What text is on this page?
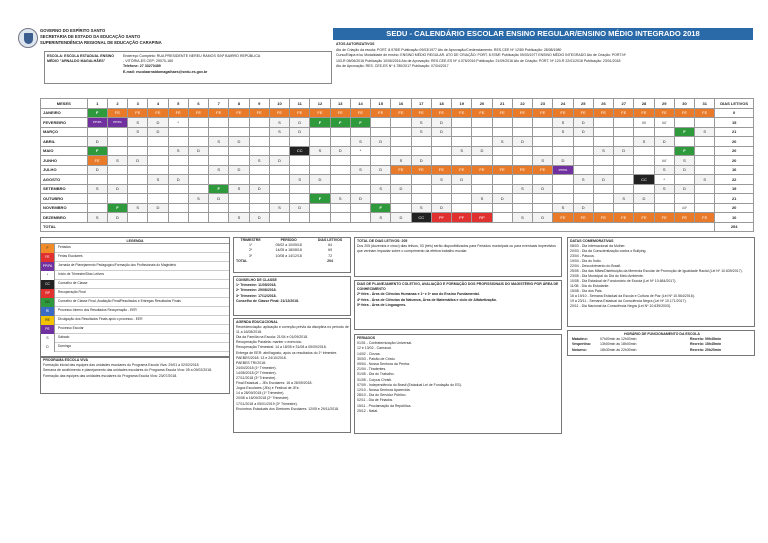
GOVERNO DO ESPÍRITO SANTO
SECRETARIA DE ESTADO DA EDUCAÇÃO SANTO
SUPERINTENDÊNCIA REGIONAL DE EDUCAÇÃO CARAPINA
SEDU - CALENDÁRIO ESCOLAR ENSINO REGULAR/ENSINO MÉDIO INTEGRADO 2018
ATOS AUTORIZATIVOS
Ato de Criação da escola: PORT. 8.978/E Publicação 09/03/1977 Ato de Aprovação/Credenciamento: RES.CEE Nº 12/80 Publicação: 28/08/1980
Curso/Etapa e/ou Modalidade de ensino: ENSINO MÉDIO REGULAR. ATO DE CRIAÇÃO: PORT. 8.978/E Publicação 09/03/1977 ENSINO MÉDIO INTEGRADO Ato de Criação: PORT.Nº
103-R 08/06/2016 Publicação 10/06/2016 Ato de Aprovação: RES.CEE-ES Nº 4.076/2016 Publicação: 21/09/2016 Ato de Criação: PORT. Nº 120-R 22/01/2018 Publicação: 23/01/2018
Ato de Aprovação: RES. CEE-ES Nº 4.780/2017 Publicação: 07/04/2017
ESCOLA: ESCOLA ESTADUAL ENSINO MÉDIO "ARNALDO MAGALHÃES"
Endereço Completo: RUA PRESIDENTE NEREU RAMOS S/Nº BAIRRO REPÚBLICA
- VITÓRIA-ES CEP: 29070-160
Telefone: 27 33270489
E-mail: escolaarnaldomagalhaes@sedu.es.gov.br
MESES	1	2	3	4	5	6	7	8	9	10	11	12	13	14	15	16	17	18	19	20	21	22	23	24	25	26	27	28	29	30	31	DIAS LETIVOS
JANEIRO	F	FE	FE	FE	FE	FE	FE	FE	FE	FE	FE	FE	FE	FE	FE	FE	FE	FE	FE	FE	FE	FE	FE	FE	FE	FE	FE	FE	FE	FE	FE	0
FEVEREIRO	PP/PA	PP/PA	S	D	*					S	D	F	F	F			S	D						S	D			////	////			15
MARÇO			S	D						S	D						S	D						S	D					F	S	21
ABRIL	D						S	D						S	D						S	D						S	D			20
MAIO	F				S	D					CC	S	D	*					S	D						S	D			F		20
JUNHO	FE	S	D						S	D						S	D						S	D					////	S		20
JULHO	D						S	D						S	D	FE	FE	FE	FE	FE	FE	FE	FE	PP/PA					S	D		16
AGOSTO				S	D						S	D						S	D						S	D		CC	*		S	22
SETEMBRO	S	D					F	S	D						S	D						S	D						S	D		19
OUTUBRO						S	D					F	S	D						S	D						S	D				21
NOVEMBRO		F	S	D						S	D				F		S	D						S	D					////		20
DEZEMBRO	S	D						S	D						S	D	CC	PF	PF	RP		S	D	FE	FE	FE	FE	FE	FE	FE	FE	10
TOTAL																																204
LEGENDA
F	Feriados
FE	Férias Escolares
PP/PA	Jornada de Planejamento Pedagógico/Formação dos Profissionais do Magistério
*	Início de Trimestre/Dias Letivos
CC	Conselho de Classe
RP	Recuperação Final
DD	Conselho de Classe Final, Avaliação Final/Resultados e Entregas Resultados Finais
RI	Processo Interno dos Resultados Recuperação - EER
RE	Divulgação dos Resultados Finais após o processo - EER
PE	Processo Escolar
S	Sábado
D	Domingo
PROGRAMA ESCOLA VIVA
Formação inicial das equipes das unidades escolares do Programa Escola Viva: 29/01 a 02/02/2018
Semana de acolhimento e planejamento das unidades escolares do Programa Escola Viva: 05 a 09/02/2018.
Formação das equipes das unidades escolares do Programa Escola Viva: 23/07/2018.
TRIMESTRE	PERÍODO	DIAS LETIVOS
1º	05/02 a 10/05/18	64
2º	14/05 a 18/08/18	69
3º	10/08 a 14/12/18	72
TOTAL		204
CONSELHO DE CLASSE
1º Trimestre: 11/05/2018.
2º Trimestre: 29/08/2018.
3º Trimestre: 17/12/2018.
Conselho de Classe Final: 21/12/2018.
AGENDA EDUCACIONAL
Recredenciação: aplicação e correção prévia da disciplina no período de 11 a 16/08/2018.
Dia da Família na Escola: 21/04 e 01/09/2018.
Recuperação Paralela: manter o exercício.
Recuperação Trimestral: 14 a 18/05 e 31/08 a 05/09/2018.
Entrega de EER: abril/agosto, após os resultados do 1º trimestre.
PAEBES/2018: 13 e 24/10/2018.
PAEBES TRI/2018:
24/04/2018 (1º Trimestre).
14/08/2018 (2º Trimestre).
27/11/2018 (3º Trimestre).
Final Estadual – JEs Escolares: 16 a 28/09/2018.
Jogos Escolares (JEs) e Festival de JEs:
14 a 28/09/2018 (1º Trimestre).
20/08 a 16/09/2018 (2º Trimestre).
17/11/2018 a 05/01/2019 (3º Trimestre).
Encontros Estaduais dos Diretores Escolares: 12/05 e 29/11/2018.
TOTAL DE DIAS LETIVOS: 205
Dos 205 (duzentos e cinco) dias letivos, 03 (três) serão disponibilizados para Feriados municipais ou para eventuais imprevistos que venham impactar sobre o cumprimento da efetiva trabalho escolar.
DIAS DE PLANEJAMENTO COLETIVO, AVALIAÇÃO E FORMAÇÃO DOS PROFISSIONAIS DO MAGISTÉRIO POR ÁREA DE CONHECIMENTO
2ª feira - Área de Ciências Humanas e 1º e 3º ano do Ensino Fundamental.
4ª feira - Área de Ciências da Natureza, Área de Matemática e ciclo de Alfabetização.
5ª feira - Área de Linguagens.
FERIADOS
01/01 - Confraternização Universal.
12 e 13/02 - Carnaval.
14/02 - Cinzas.
30/03 - Paixão de Cristo.
09/04 - Nossa Senhora da Penha.
21/04 - Tiradentes.
01/05 - Dia do Trabalho.
31/05 - Corpus Christi.
07/09 - Independência do Brasil (Estadual Lei de Fundação do ES).
12/10 - Nossa Senhora Aparecida.
28/10 - Dia do Servidor Público.
02/11 - Dia de Finados.
15/11 - Proclamação da República.
25/12 - Natal.
DATAS COMEMORATIVAS
08/03 - Dia Internacional da Mulher.
20/03 - Dia da Conscientização contra o Bullying.
23/04 - Páscoa.
19/04 - Dia do Índio.
22/04 - Descobrimento do Brasil.
25/05 - Dia das Mães/Distribuição da Merenda Escolar de Promoção de Igualdade Racial (Lei Nº 10.639/2017).
23/05 - Dia Municipal do Dia do Meio Ambiente.
10/08 - Dia Estadual de Funcionário de Escola (Lei Nº 10.684/2017).
11/08 - Dia do Estudante.
15/08 - Dia dos Pais.
16 a 19/10 - Semana Estadual da Escola e Cultura de Paz (Lei Nº 10.564/2016).
19 a 23/11 - Semana Estadual da Consciência Negra (Lei Nº 10.171/2017).
20/11 - Dia Nacional da Consciência Negra (Lei Nº 10.639/2003).
HORÁRIO DE FUNCIONAMENTO DA ESCOLA
Matutino:	07h00min às 12h00min	Recreio: 09h45min
Vespertino:	13h00min às 18h00min	Recreio: 15h45min
Noturno:	18h30min às 22h30min	Recreio: 20h20min
